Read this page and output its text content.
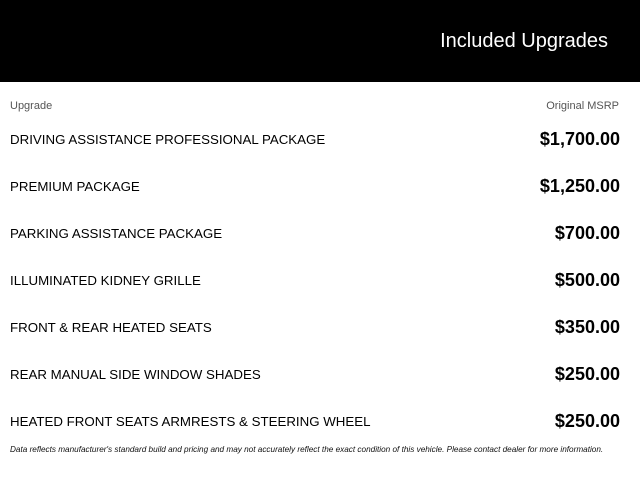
Included Upgrades
Upgrade	Original MSRP
DRIVING ASSISTANCE PROFESSIONAL PACKAGE	$1,700.00
PREMIUM PACKAGE	$1,250.00
PARKING ASSISTANCE PACKAGE	$700.00
ILLUMINATED KIDNEY GRILLE	$500.00
FRONT & REAR HEATED SEATS	$350.00
REAR MANUAL SIDE WINDOW SHADES	$250.00
HEATED FRONT SEATS ARMRESTS & STEERING WHEEL	$250.00
Data reflects manufacturer's standard build and pricing and may not accurately reflect the exact condition of this vehicle. Please contact dealer for more information.
